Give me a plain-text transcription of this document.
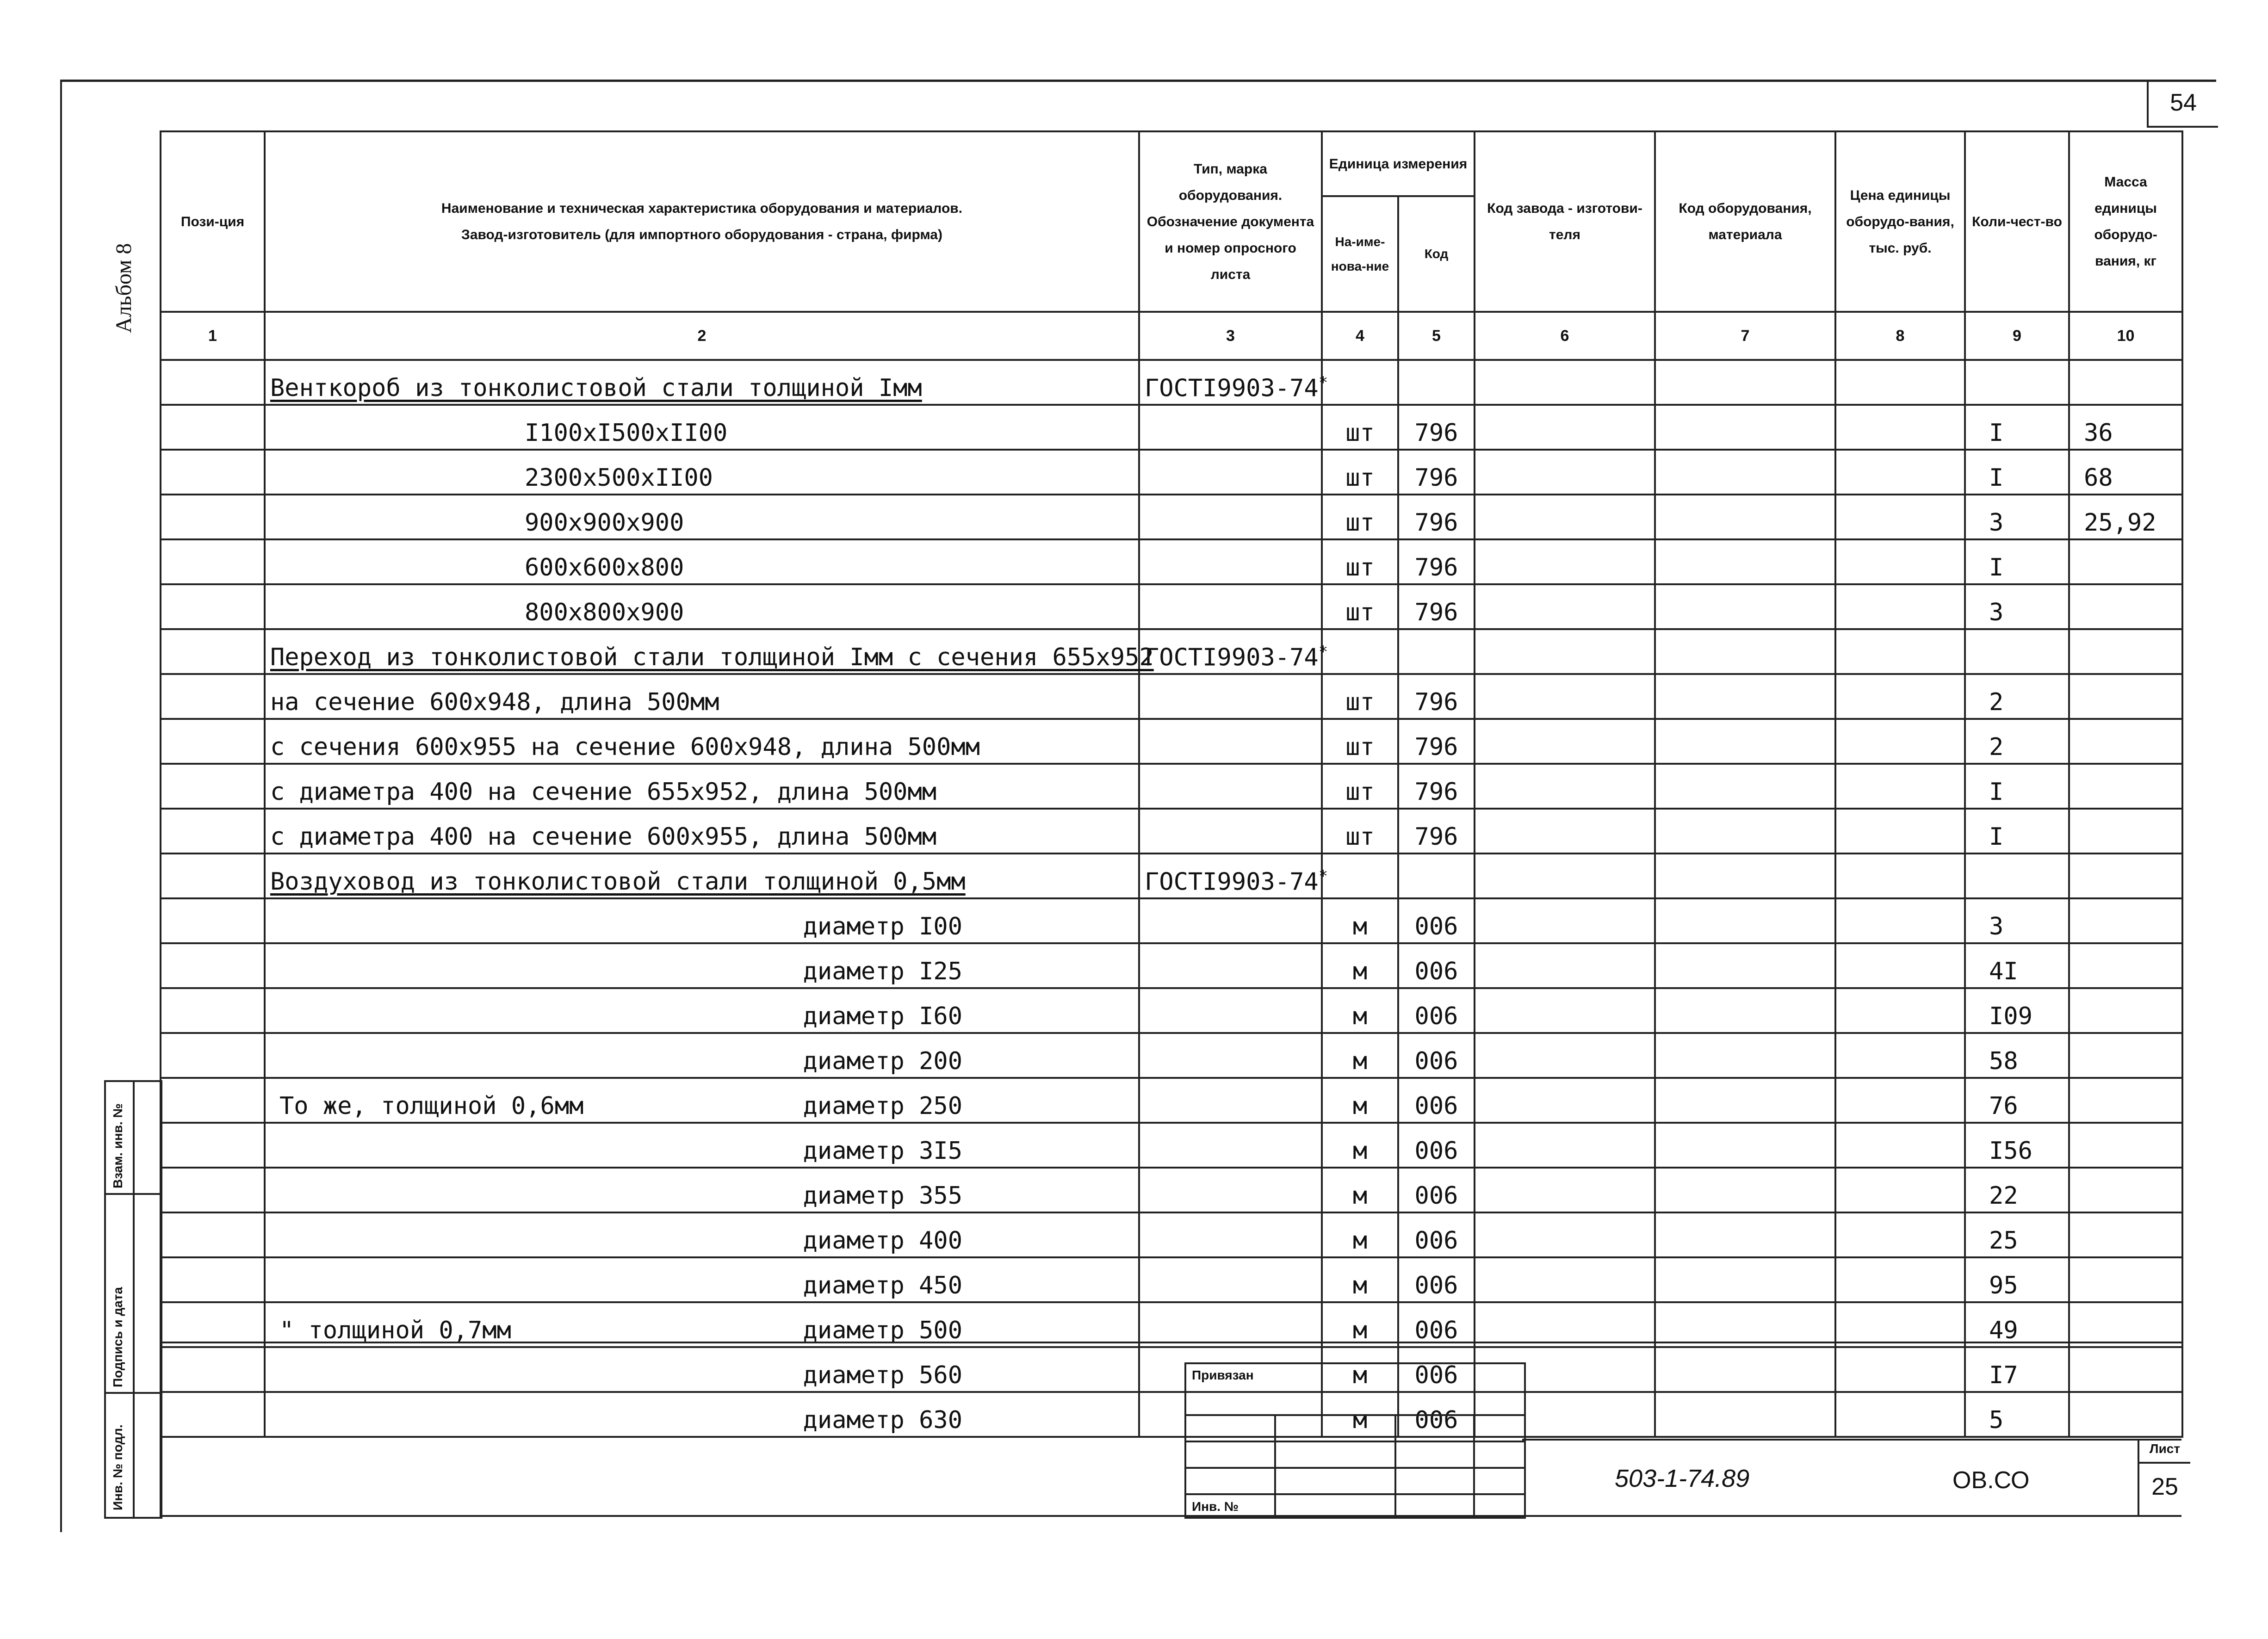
54
Альбом 8
Пози-ция	Наименование и техническая характеристика оборудования и материалов.
Завод-изготовитель (для импортного оборудования - страна, фирма)	Тип, марка оборудования. Обозначение документа и номер опросного листа	Единица измерения		Код завода - изготови-теля	Код оборудования, материала	Цена единицы оборудо-вания, тыс. руб.	Коли-чест-во	Масса единицы оборудо-вания, кг
			На-име-нова-ние	Код					
1	2	3	4	5	6	7	8	9	10
	Венткороб из тонколистовой стали толщиной Iмм	ГОСТI9903-74*							
	I100xI500xII00		шт	796				I	36
	2300x500xII00		шт	796				I	68
	900x900x900		шт	796				3	25,92
	600x600x800		шт	796				I	
	800x800x900		шт	796				3	
	Переход из тонколистовой стали толщиной Iмм с сечения 655x952	ГОСТI9903-74*							
	на сечение 600x948, длина 500мм		шт	796				2	
	с сечения 600x955 на сечение 600x948, длина 500мм		шт	796				2	
	с диаметра 400 на сечение 655x952, длина 500мм		шт	796				I	
	с диаметра 400 на сечение 600x955, длина 500мм		шт	796				I	
	Воздуховод из тонколистовой стали толщиной 0,5мм	ГОСТI9903-74*							
	диаметр I00		м	006				3	
	диаметр I25		м	006				4I	
	диаметр I60		м	006				I09	
	диаметр 200		м	006				58	

	То же, толщиной 0,6мм диаметр 250		м	006				76	
	диаметр 3I5		м	006				I56	
	диаметр 355		м	006				22	
	диаметр 400		м	006				25	
	диаметр 450		м	006				95	

	" толщиной 0,7мм диаметр 500		м	006				49	
	диаметр 560		м	006				I7	
	диаметр 630		м	006				5	
Взам. инв. №
Подпись и дата
Инв. № подл.
Привязан
Инв. №
503-1-74.89	ОВ.СО
Лист
25
